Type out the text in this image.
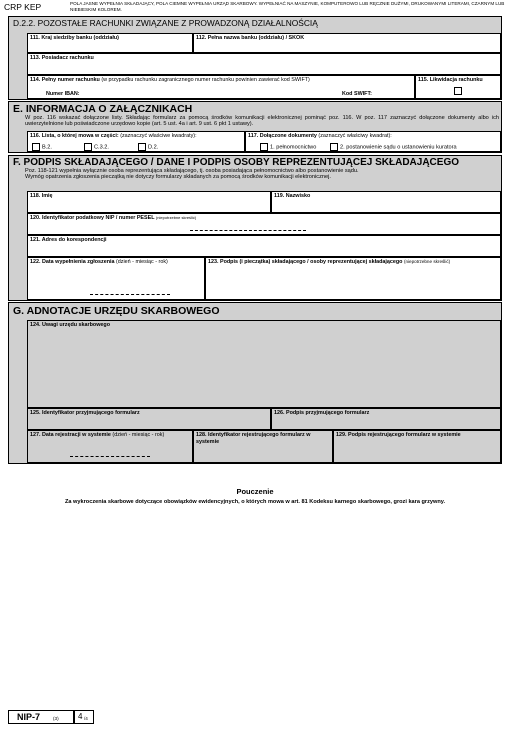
CRP KEP	POLA JASNE WYPEŁNIA SKŁADAJĄCY, POLA CIEMNE WYPEŁNIA URZĄD SKARBOWY. WYPEŁNIAĆ NA MASZYNIE, KOMPUTEROWO LUB RĘCZNIE DUŻYMI, DRUKOWANYMI LITERAMI, CZARNYM LUB NIEBIESKIM KOLOREM.
D.2.2. POZOSTAŁE RACHUNKI ZWIĄZANE Z PROWADZONĄ DZIAŁALNOŚCIĄ
111. Kraj siedziby banku (oddziału)	112. Pełna nazwa banku (oddziału) / SKOK
113. Posiadacz rachunku
114. Pełny numer rachunku (w przypadku rachunku zagranicznego numer rachunku powinien zawierać kod SWIFT)
Numer IBAN:	Kod SWIFT:
115. Likwidacja rachunku
E. INFORMACJA O ZAŁĄCZNIKACH
W poz. 116 wskazać dołączone listy. Składając formularz za pomocą środków komunikacji elektronicznej pominąć poz. 116. W poz. 117 zaznaczyć dołączone dokumenty albo ich uwierzytelnione lub poświadczone urzędowo kopie (art. 5 ust. 4a i art. 9 ust. 6 pkt 1 ustawy).
116. Lista, o której mowa w części: (zaznaczyć właściwe kwadraty):
B.2.	C.3.2.	D.2.
117. Dołączone dokumenty (zaznaczyć właściwy kwadrat):
1. pełnomocnictwo	2. postanowienie sądu o ustanowieniu kuratora
F. PODPIS SKŁADAJĄCEGO / DANE I PODPIS OSOBY REPREZENTUJĄCEJ SKŁADAJĄCEGO
Poz. 118-121 wypełnia wyłącznie osoba reprezentująca składającego, tj. osoba posiadająca pełnomocnictwo albo postanowienie sądu.
Wymóg opatrzenia zgłoszenia pieczątką nie dotyczy formularzy składanych za pomocą środków komunikacji elektronicznej.
118. Imię	119. Nazwisko
120. Identyfikator podatkowy NIP / numer PESEL (niepotrzebne skreślić)
121. Adres do korespondencji
122. Data wypełnienia zgłoszenia (dzień - miesiąc - rok)	123. Podpis (i pieczątka) składającego / osoby reprezentującej składającego (niepotrzebne skreślić)
G. ADNOTACJE URZĘDU SKARBOWEGO
124. Uwagi urzędu skarbowego
125. Identyfikator przyjmującego formularz	126. Podpis przyjmującego formularz
127. Data rejestracji w systemie (dzień - miesiąc - rok)	128. Identyfikator rejestrującego formularz w systemie
129. Podpis rejestrującego formularz w systemie
Pouczenie
Za wykroczenia skarbowe dotyczące obowiązków ewidencyjnych, o których mowa w art. 81 Kodeksu karnego skarbowego, grozi kara grzywny.
NIP-7	(3) 4 /4
